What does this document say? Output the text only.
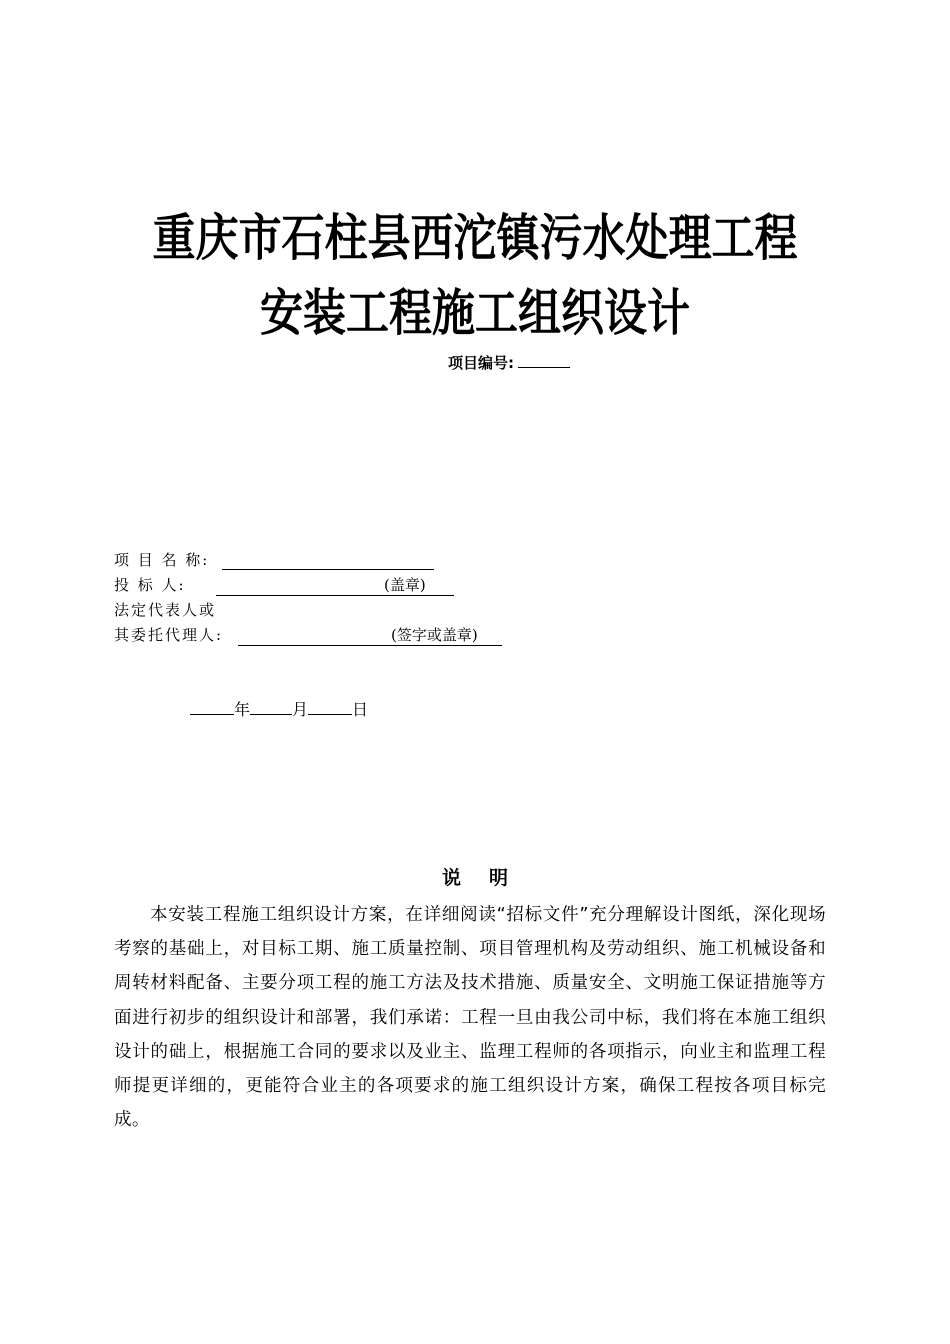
重庆市石柱县西沱镇污水处理工程
安装工程施工组织设计
项目编号:
项 目 名 称:
投 标 人:	(盖章)
法定代表人或
其委托代理人:	(签字或盖章)
年	月	日
说明
本安装工程施工组织设计方案，在详细阅读“招标文件”充分理解设计图纸，深化现场考察的基础上，对目标工期、施工质量控制、项目管理机构及劳动组织、施工机械设备和周转材料配备、主要分项工程的施工方法及技术措施、质量安全、文明施工保证措施等方面进行初步的组织设计和部署，我们承诺：工程一旦由我公司中标，我们将在本施工组织设计的础上，根据施工合同的要求以及业主、监理工程师的各项指示，向业主和监理工程师提更详细的，更能符合业主的各项要求的施工组织设计方案，确保工程按各项目标完成。
